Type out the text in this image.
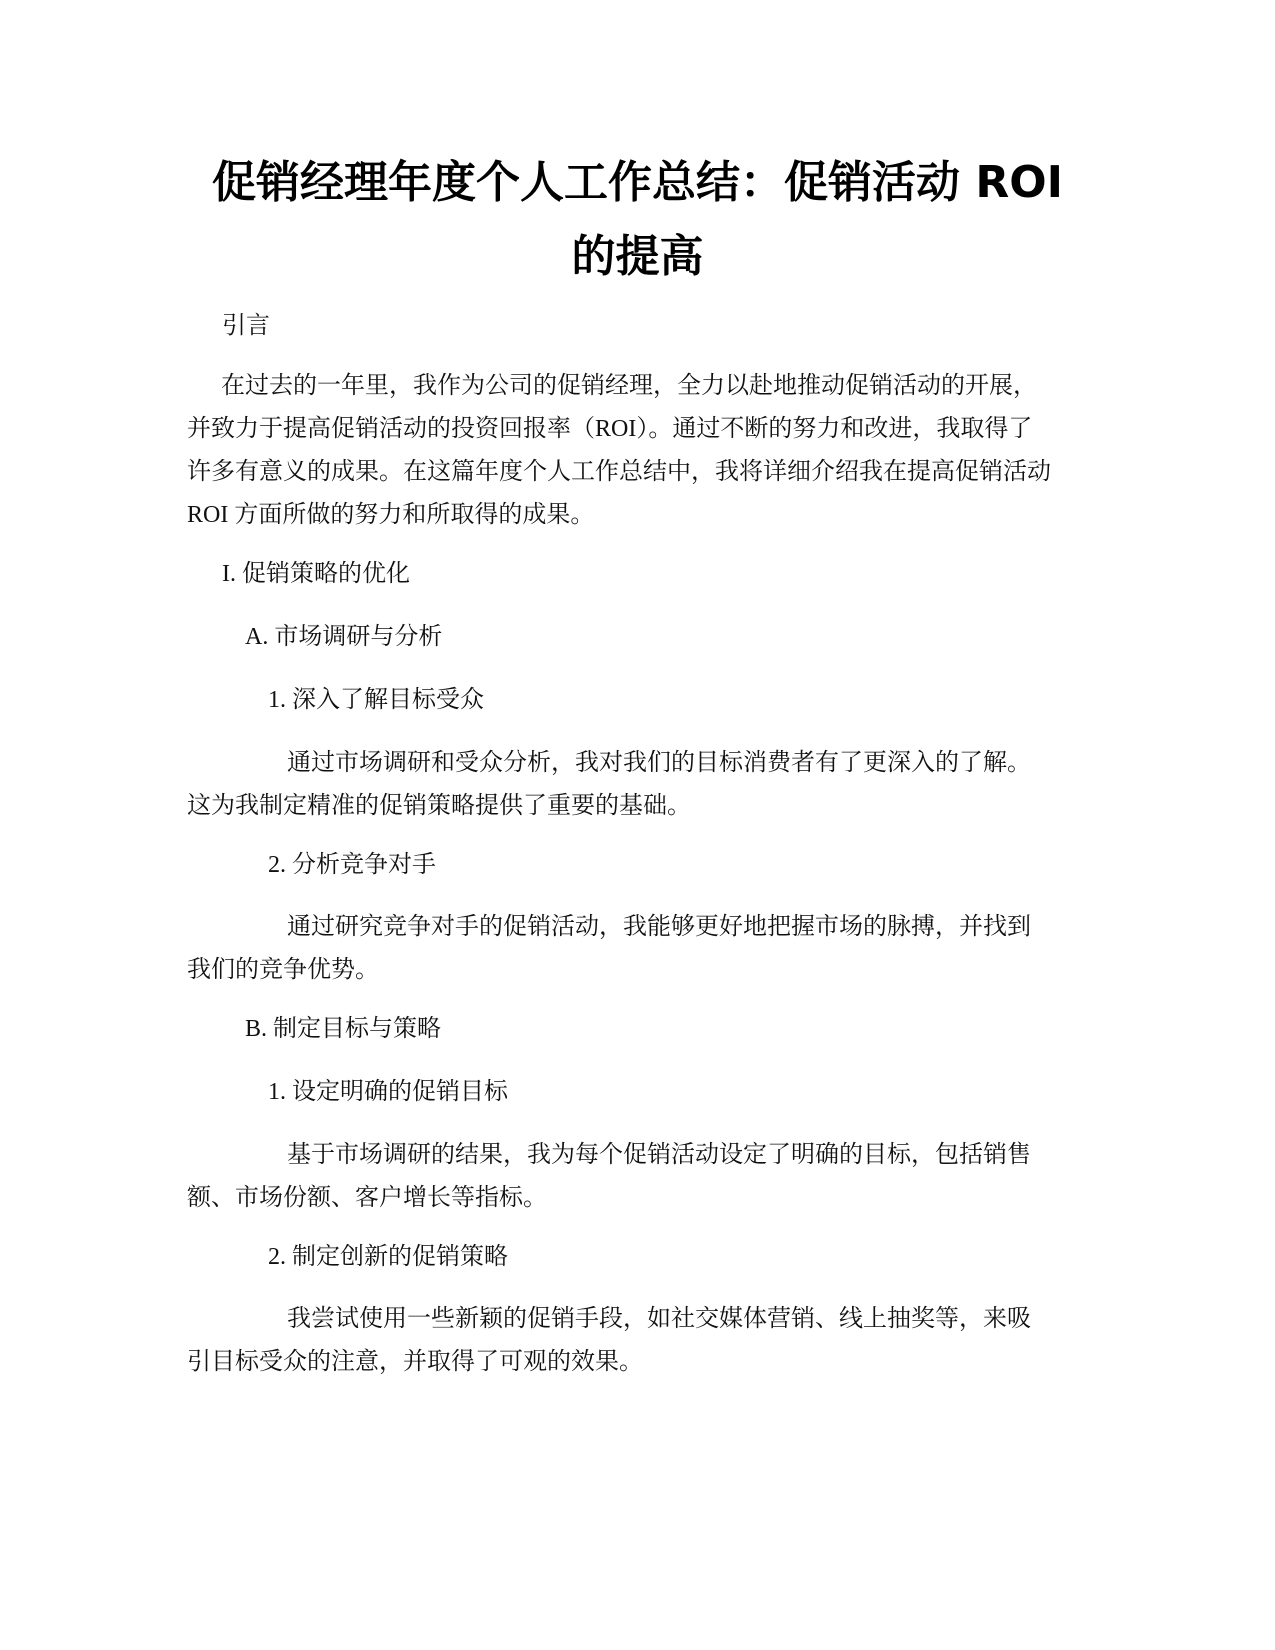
促销经理年度个人工作总结：促销活动 ROI
的提高

引言

在过去的一年里，我作为公司的促销经理，全力以赴地推动促销活动的开展，
并致力于提高促销活动的投资回报率（ROI）。通过不断的努力和改进，我取得了
许多有意义的成果。在这篇年度个人工作总结中，我将详细介绍我在提高促销活动
ROI 方面所做的努力和所取得的成果。

I. 促销策略的优化

A. 市场调研与分析

1. 深入了解目标受众

通过市场调研和受众分析，我对我们的目标消费者有了更深入的了解。
这为我制定精准的促销策略提供了重要的基础。

2. 分析竞争对手

通过研究竞争对手的促销活动，我能够更好地把握市场的脉搏，并找到
我们的竞争优势。

B. 制定目标与策略

1. 设定明确的促销目标

基于市场调研的结果，我为每个促销活动设定了明确的目标，包括销售
额、市场份额、客户增长等指标。

2. 制定创新的促销策略

我尝试使用一些新颖的促销手段，如社交媒体营销、线上抽奖等，来吸
引目标受众的注意，并取得了可观的效果。
